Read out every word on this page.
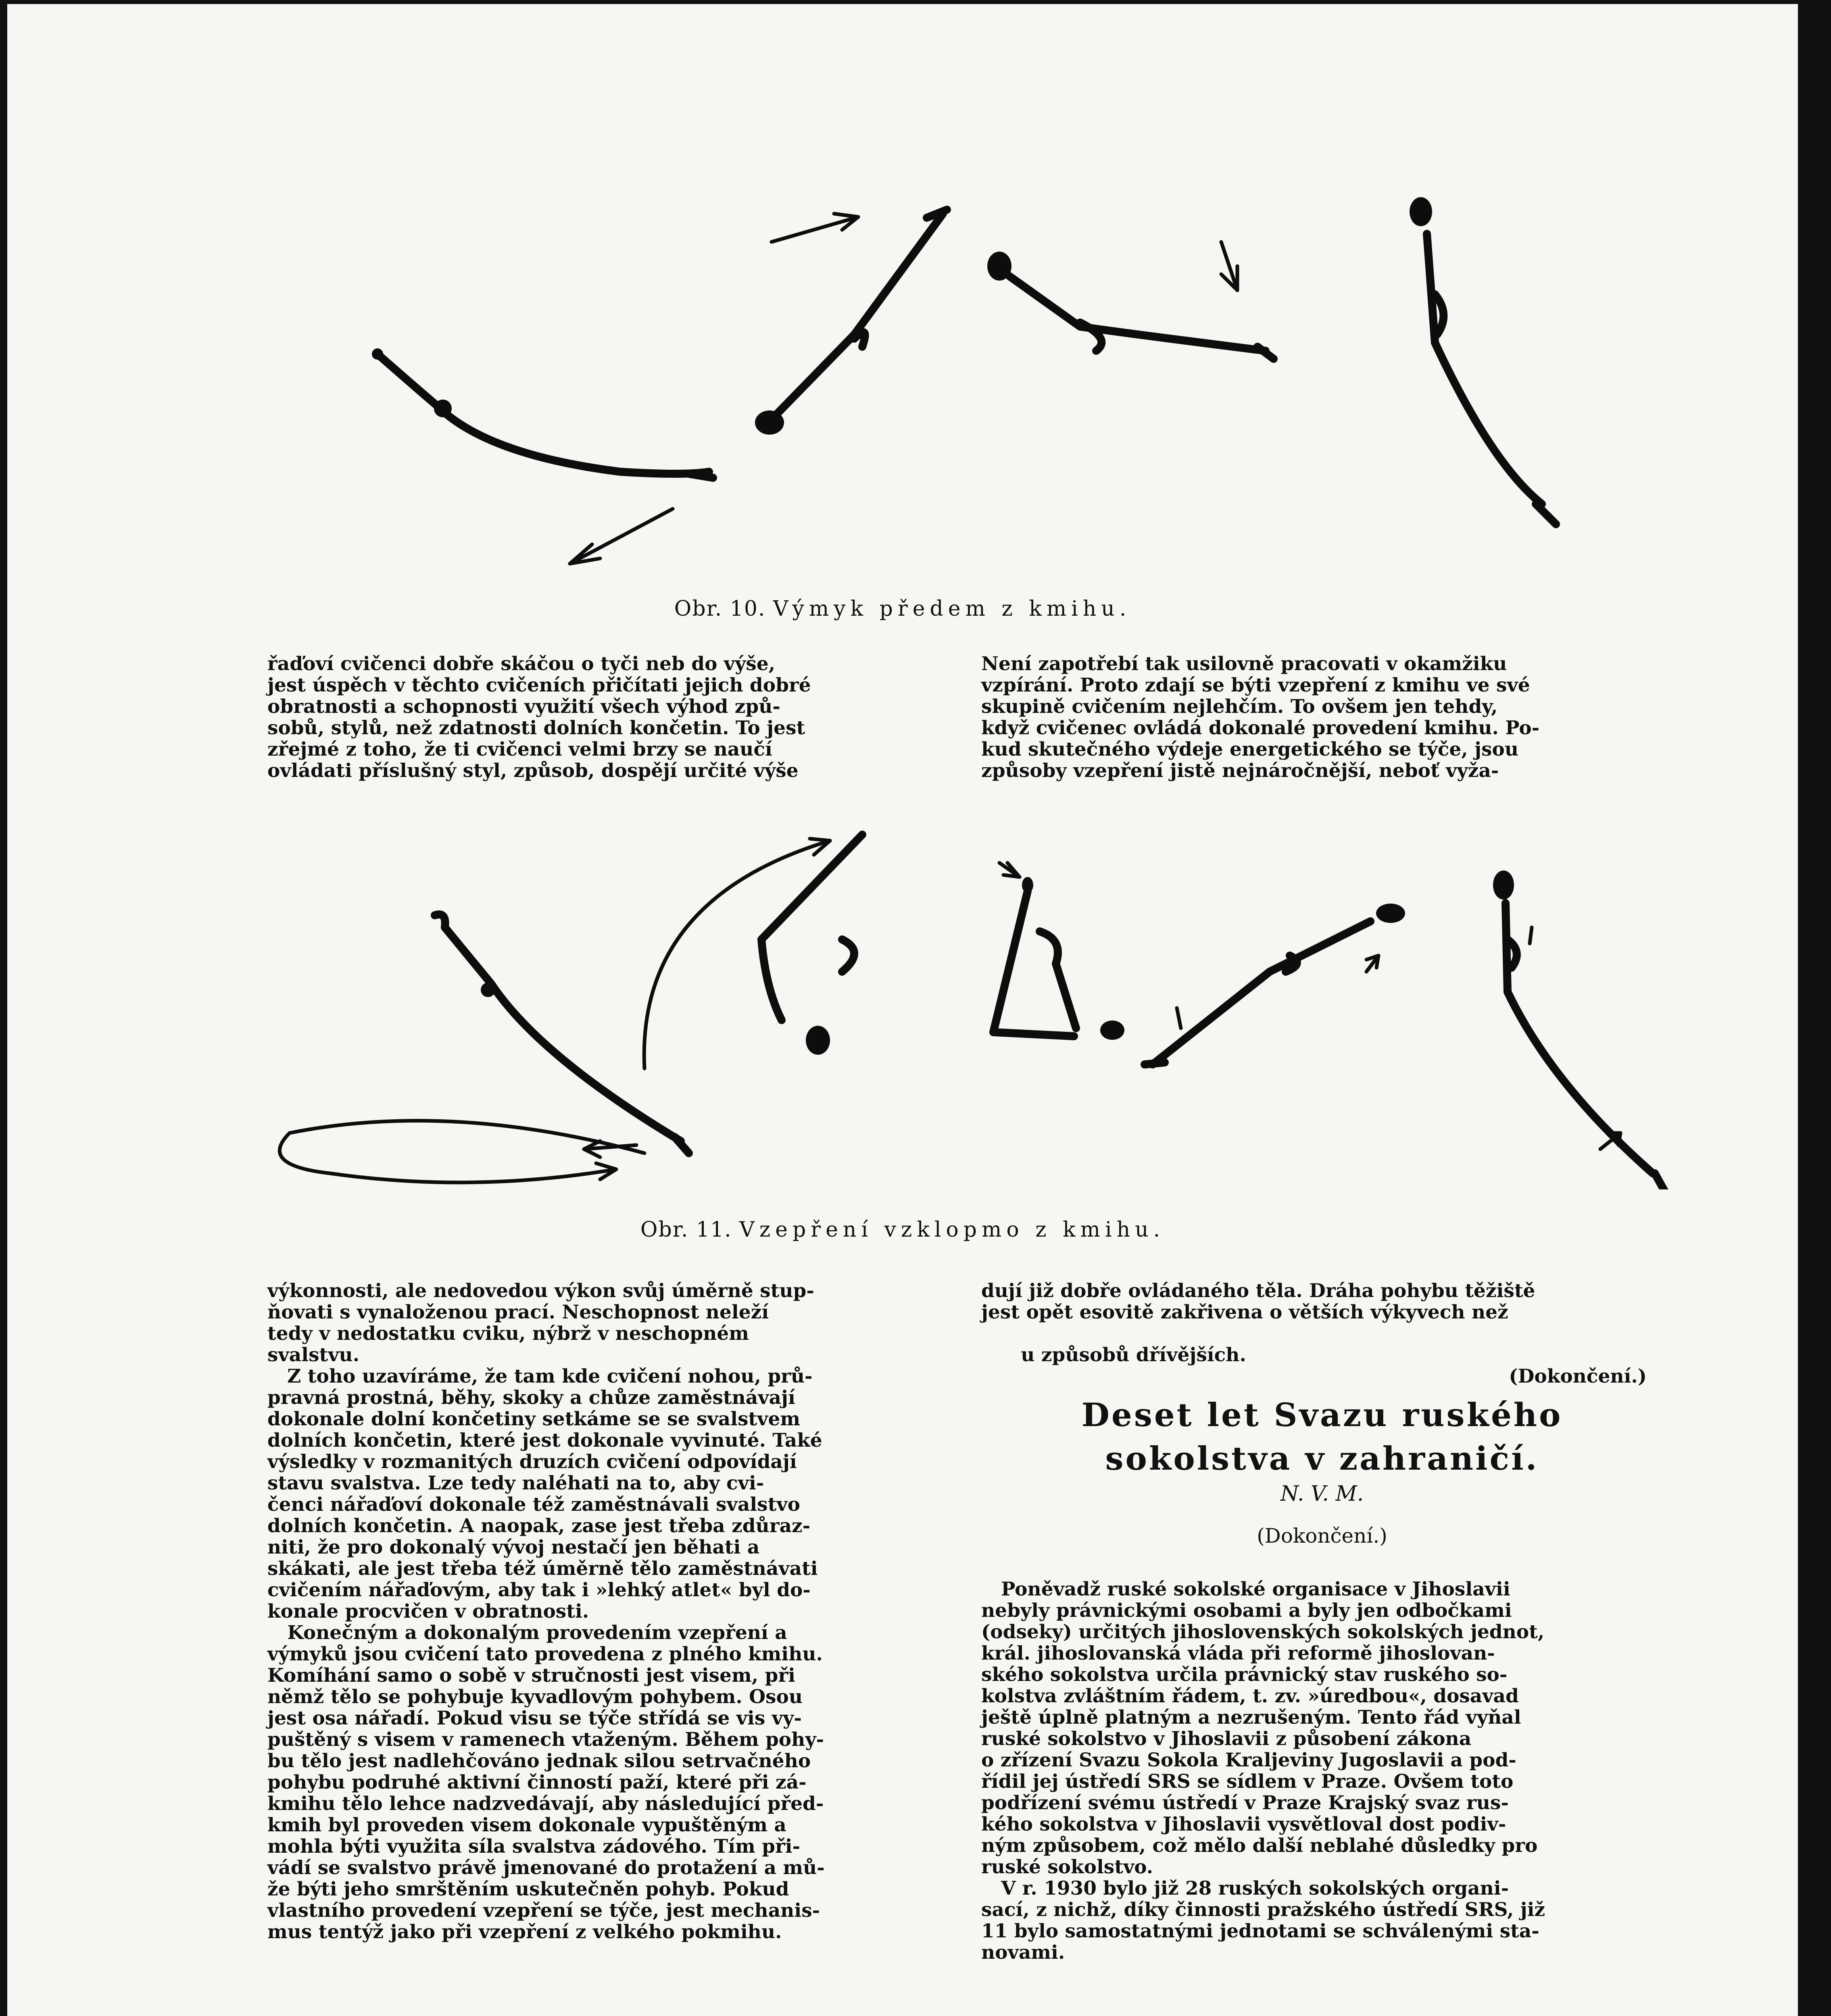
Obr. 10. Výmyk předem z kmihu.

řaďoví cvičenci dobře skáčou o tyči neb do výše,

jest úspěch v těchto cvičeních přičítati jejich dobré

obratnosti a schopnosti využití všech výhod způ-

sobů, stylů, než zdatnosti dolních končetin. To jest

zřejmé z toho, že ti cvičenci velmi brzy se naučí

ovládati příslušný styl, způsob, dospějí určité výše

Není zapotřebí tak usilovně pracovati v okamžiku

vzpírání. Proto zdají se býti vzepření z kmihu ve své

skupině cvičením nejlehčím. To ovšem jen tehdy,

když cvičenec ovládá dokonalé provedení kmihu. Po-

kud skutečného výdeje energetického se týče, jsou

způsoby vzepření jistě nejnáročnější, neboť vyža-

Obr. 11. Vzepření vzklopmo z kmihu.

výkonnosti, ale nedovedou výkon svůj úměrně stup-

ňovati s vynaloženou prací. Neschopnost neleží

tedy v nedostatku cviku, nýbrž v neschopném

svalstvu.

Z toho uzavíráme, že tam kde cvičení nohou, prů-

pravná prostná, běhy, skoky a chůze zaměstnávají

dokonale dolní končetiny setkáme se se svalstvem

dolních končetin, které jest dokonale vyvinuté. Také

výsledky v rozmanitých druzích cvičení odpovídají

stavu svalstva. Lze tedy naléhati na to, aby cvi-

čenci nářaďoví dokonale též zaměstnávali svalstvo

dolních končetin. A naopak, zase jest třeba zdůraz-

niti, že pro dokonalý vývoj nestačí jen běhati a

skákati, ale jest třeba též úměrně tělo zaměstnávati

cvičením nářaďovým, aby tak i »lehký atlet« byl do-

konale procvičen v obratnosti.

Konečným a dokonalým provedením vzepření a

výmyků jsou cvičení tato provedena z plného kmihu.

Komíhání samo o sobě v stručnosti jest visem, při

němž tělo se pohybuje kyvadlovým pohybem. Osou

jest osa nářadí. Pokud visu se týče střídá se vis vy-

puštěný s visem v ramenech vtaženým. Během pohy-

bu tělo jest nadlehčováno jednak silou setrvačného

pohybu podruhé aktivní činností paží, které při zá-

kmihu tělo lehce nadzvedávají, aby následující před-

kmih byl proveden visem dokonale vypuštěným a

mohla býti využita síla svalstva zádového. Tím při-

vádí se svalstvo právě jmenované do protažení a mů-

že býti jeho smrštěním uskutečněn pohyb. Pokud

vlastního provedení vzepření se týče, jest mechanis-

mus tentýž jako při vzepření z velkého pokmihu.

dují již dobře ovládaného těla. Dráha pohybu těžiště

jest opět esovitě zakřivena o větších výkyvech než

u způsobů dřívějších.

(Dokončení.)

Deset let Svazu ruského
sokolstva v zahraničí.
N. V. M.
(Dokončení.)

Poněvadž ruské sokolské organisace v Jihoslavii

nebyly právnickými osobami a byly jen odbočkami

(odseky) určitých jihoslovenských sokolských jednot,

král. jihoslovanská vláda při reformě jihoslovan-

ského sokolstva určila právnický stav ruského so-

kolstva zvláštním řádem, t. zv. »úredbou«, dosavad

ještě úplně platným a nezrušeným. Tento řád vyňal

ruské sokolstvo v Jihoslavii z působení zákona

o zřízení Svazu Sokola Kraljeviny Jugoslavii a pod-

řídil jej ústředí SRS se sídlem v Praze. Ovšem toto

podřízení svému ústředí v Praze Krajský svaz rus-

kého sokolstva v Jihoslavii vysvětloval dost podiv-

ným způsobem, což mělo další neblahé důsledky pro

ruské sokolstvo.

V r. 1930 bylo již 28 ruských sokolských organi-

sací, z nichž, díky činnosti pražského ústředí SRS, již

11 bylo samostatnými jednotami se schválenými sta-

novami.
